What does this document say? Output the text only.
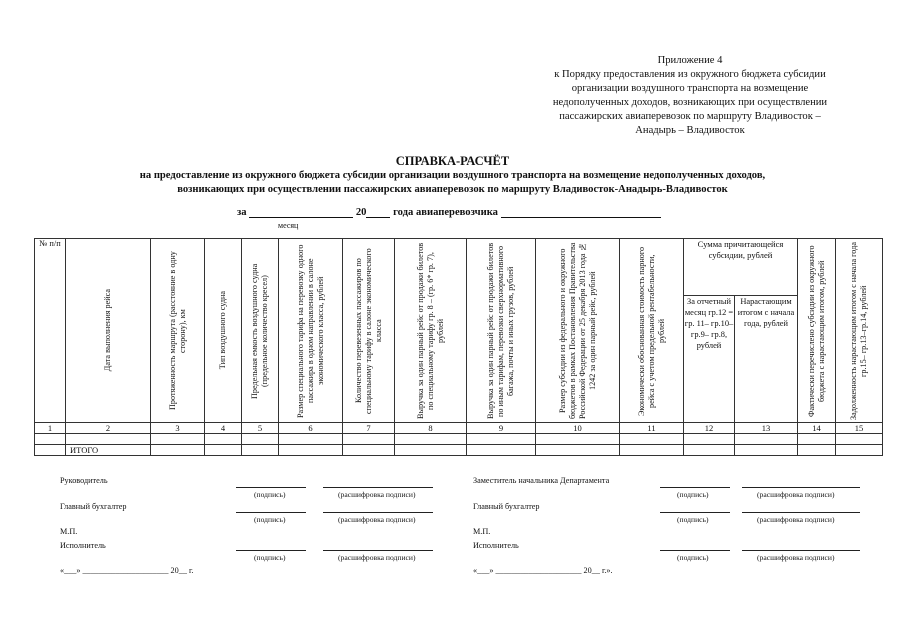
Приложение 4
к Порядку предоставления из окружного бюджета субсидии
организации воздушного транспорта на возмещение
недополученных доходов, возникающих при осуществлении
пассажирских авиаперевозок по маршруту Владивосток –
Анадырь – Владивосток
СПРАВКА-РАСЧЁТ
на предоставление из окружного бюджета субсидии организации воздушного транспорта на возмещение недополученных доходов,
возникающих при осуществлении пассажирских авиаперевозок по маршруту Владивосток-Анадырь-Владивосток
за	20	года авиаперевозчика
месяц
№ п/п	Дата выполнения рейса	Протяженность маршрута (расстояние в одну сторону), км	Тип воздушного судна	Предельная емкость воздушного судна (предельное количество кресел)	Размер специального тарифа на перевозку одного пассажира в одном направлении в салоне экономического класса, рублей	Количество перевезенных пассажиров по специальному тарифу в салоне экономического класса	Выручка за один парный рейс от продажи билетов по специальному тарифу гр. 8 – (гр. 6* гр. 7), рублей	Выручка за один парный рейс от продажи билетов по иным тарифам, перевозки сверхнормативного багажа, почты и иных грузов, рублей	Размер субсидии из федерального и окружного бюджетов в рамках Постановления Правительства Российской Федерации от 25 декабря 2013 года № 1242 за один парный рейс, рублей	Экономически обоснованная стоимость парного рейса с учетом предельной рентабельности, рублей	Сумма причитающейся субсидии, рублей		Фактически перечислено субсидии из окружного бюджета с нарастающим итогом, рублей	Задолженность нарастающим итогом с начала года гр.15– гр.13–гр.14, рублей

											За отчетный месяц гр.12 = гр. 11– гр.10– гр.9– гр.8, рублей	Нарастающим итогом с начала года, рублей		
1	2	3	4	5	6	7	8	9	10	11	12	13	14	15

	ИТОГО													
Руководитель
(подпись)	(расшифровка подписи)
Главный бухгалтер
(подпись)	(расшифровка подписи)
М.П.
Исполнитель
(подпись)	(расшифровка подписи)
«___» _____________________ 20__ г.
Заместитель начальника Департамента
(подпись)	(расшифровка подписи)
Главный бухгалтер
(подпись)	(расшифровка подписи)
М.П.
Исполнитель
(подпись)	(расшифровка подписи)
«___» _____________________ 20__ г.».
